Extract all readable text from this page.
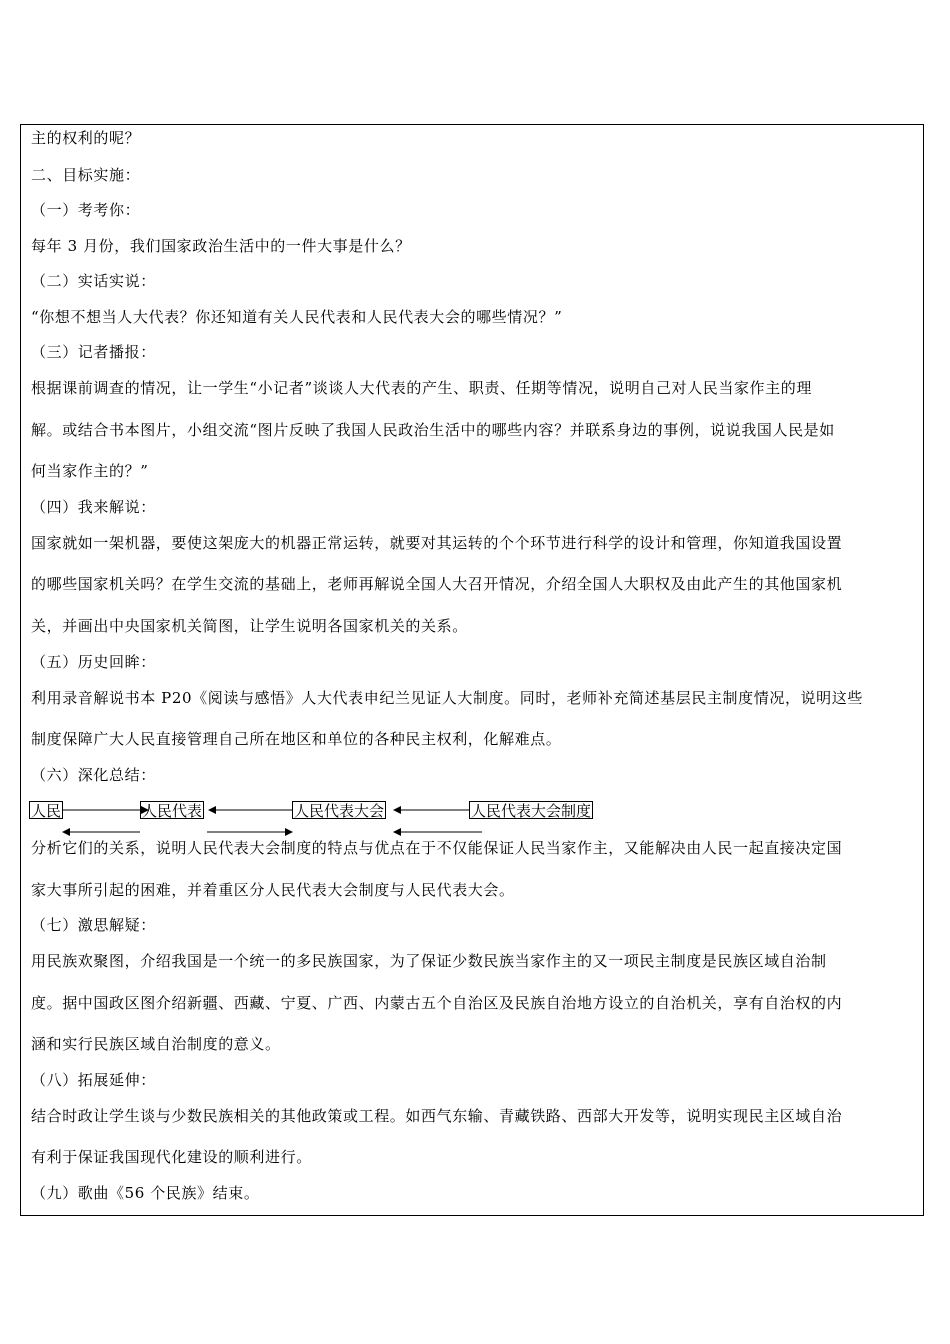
主的权利的呢？
二、目标实施：
（一）考考你：
每年 3 月份，我们国家政治生活中的一件大事是什么？
（二）实话实说：
“你想不想当人大代表？你还知道有关人民代表和人民代表大会的哪些情况？”
（三）记者播报：
根据课前调查的情况，让一学生“小记者”谈谈人大代表的产生、职责、任期等情况，说明自己对人民当家作主的理
解。或结合书本图片，小组交流“图片反映了我国人民政治生活中的哪些内容？并联系身边的事例，说说我国人民是如
何当家作主的？”
（四）我来解说：
国家就如一架机器，要使这架庞大的机器正常运转，就要对其运转的个个环节进行科学的设计和管理，你知道我国设置
的哪些国家机关吗？在学生交流的基础上，老师再解说全国人大召开情况，介绍全国人大职权及由此产生的其他国家机
关，并画出中央国家机关简图，让学生说明各国家机关的关系。
（五）历史回眸：
利用录音解说书本 P20《阅读与感悟》人大代表申纪兰见证人大制度。同时，老师补充简述基层民主制度情况，说明这些
制度保障广大人民直接管理自己所在地区和单位的各种民主权利，化解难点。
（六）深化总结：
人民	人民代表	人民代表大会	人民代表大会制度
分析它们的关系，说明人民代表大会制度的特点与优点在于不仅能保证人民当家作主，又能解决由人民一起直接决定国
家大事所引起的困难，并着重区分人民代表大会制度与人民代表大会。
（七）激思解疑：
用民族欢聚图，介绍我国是一个统一的多民族国家，为了保证少数民族当家作主的又一项民主制度是民族区域自治制
度。据中国政区图介绍新疆、西藏、宁夏、广西、内蒙古五个自治区及民族自治地方设立的自治机关，享有自治权的内
涵和实行民族区域自治制度的意义。
（八）拓展延伸：
结合时政让学生谈与少数民族相关的其他政策或工程。如西气东输、青藏铁路、西部大开发等，说明实现民主区域自治
有利于保证我国现代化建设的顺利进行。
（九）歌曲《56 个民族》结束。
